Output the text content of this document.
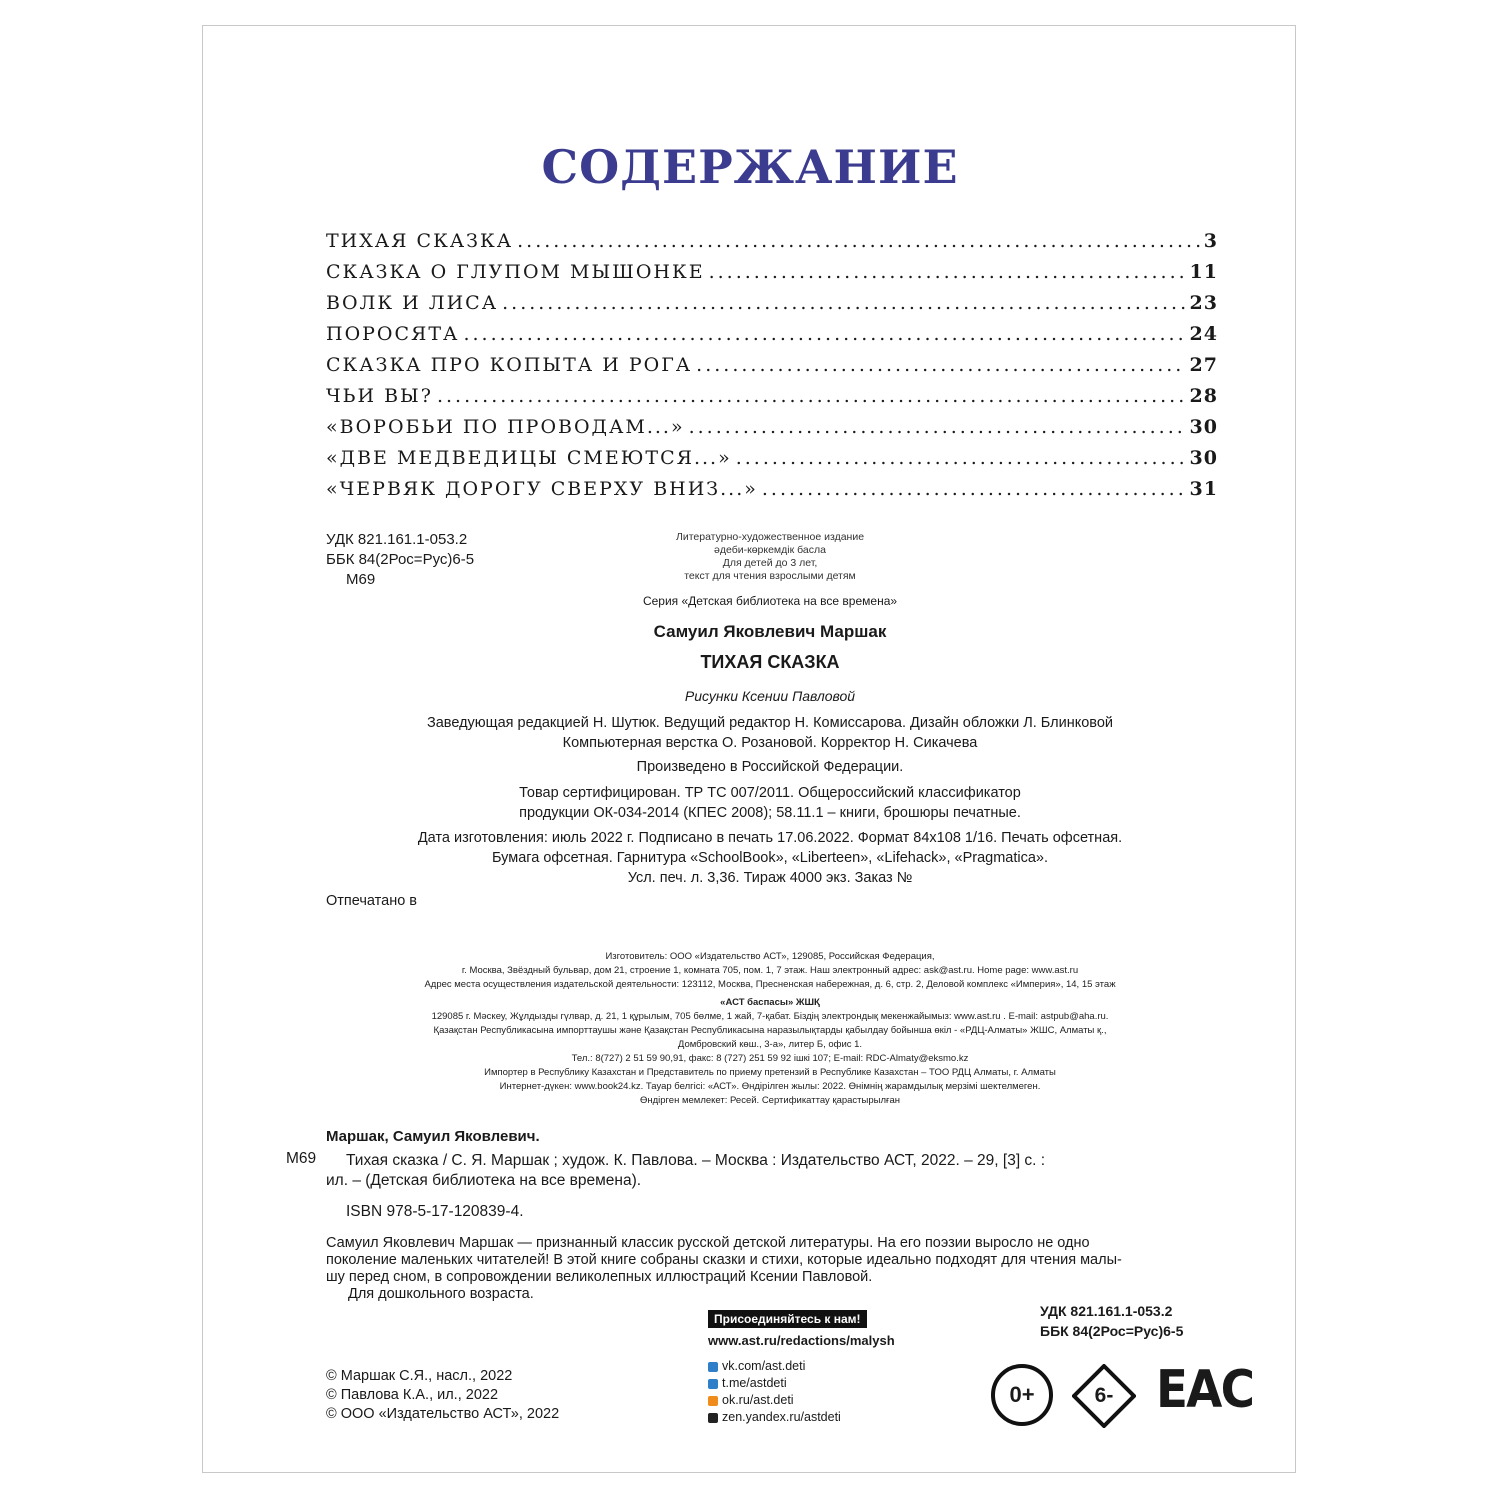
СОДЕРЖАНИЕ
ТИХАЯ СКАЗКА .....	3
СКАЗКА О ГЛУПОМ МЫШОНКЕ .....	11
ВОЛК И ЛИСА .....	23
ПОРОСЯТА .....	24
СКАЗКА ПРО КОПЫТА И РОГА .....	27
ЧЬИ ВЫ? .....	28
«ВОРОБЬИ ПО ПРОВОДАМ...» .....	30
«ДВЕ МЕДВЕДИЦЫ СМЕЮТСЯ...» .....	30
«ЧЕРВЯК ДОРОГУ СВЕРХУ ВНИЗ...» .....	31
УДК 821.161.1-053.2
ББК 84(2Рос=Рус)6-5
М69
Литературно-художественное издание
әдеби-көркемдік басла
Для детей до 3 лет,
текст для чтения взрослыми детям
Серия «Детская библиотека на все времена»
Самуил Яковлевич Маршак
ТИХАЯ СКАЗКА
Рисунки Ксении Павловой
Заведующая редакцией Н. Шутюк. Ведущий редактор Н. Комиссарова. Дизайн обложки Л. Блинковой
Компьютерная верстка О. Розановой. Корректор Н. Сикачева
Произведено в Российской Федерации.
Товар сертифицирован. ТР ТС 007/2011. Общероссийский классификатор
продукции ОК-034-2014 (КПЕС 2008); 58.11.1 – книги, брошюры печатные.
Дата изготовления: июль 2022 г. Подписано в печать 17.06.2022. Формат 84x108 1/16. Печать офсетная.
Бумага офсетная. Гарнитура «SchoolBook», «Liberteen», «Lifehack», «Pragmatica».
Усл. печ. л. 3,36. Тираж 4000 экз. Заказ №
Отпечатано в
Изготовитель: ООО «Издательство АСТ», 129085, Российская Федерация,
г. Москва, Звёздный бульвар, дом 21, строение 1, комната 705, пом. 1, 7 этаж. Наш электронный адрес: ask@ast.ru. Home page: www.ast.ru
Адрес места осуществления издательской деятельности: 123112, Москва, Пресненская набережная, д. 6, стр. 2, Деловой комплекс «Империя», 14, 15 этаж
«АСТ баспасы» ЖШҚ
129085 г. Мәскеу, Жұлдызды гүлвар, д. 21, 1 құрылым, 705 бөлме, 1 жай, 7-қабат. Біздің электрондық мекенжайымыз: www.ast.ru . E-mail: astpub@aha.ru.
Қазақстан Республикасына импорттаушы және Қазақстан Республикасына наразылықтарды қабылдау бойынша өкіл - «РДЦ-Алматы» ЖШС, Алматы қ.,
Домбровский көш., 3-а», литер Б, офис 1.
Тел.: 8(727) 2 51 59 90,91, факс: 8 (727) 251 59 92 ішкі 107; E-mail: RDC-Almaty@eksmo.kz
Импортер в Республику Казахстан и Представитель по приему претензий в Республике Казахстан – ТОО РДЦ Алматы, г. Алматы
Интернет-дүкен: www.book24.kz. Тауар белгісі: «АСТ». Өндірілген жылы: 2022. Өнімнің жарамдылық мерзімі шектелмеген.
Өндірген мемлекет: Ресей. Сертификаттау қарастырылған
Маршак, Самуил Яковлевич.
М69 Тихая сказка / С. Я. Маршак ; худож. К. Павлова. – Москва : Издательство АСТ, 2022. – 29, [3] с. :
ил. – (Детская библиотека на все времена).
ISBN 978-5-17-120839-4.
Самуил Яковлевич Маршак — признанный классик русской детской литературы. На его поэзии выросло не одно
поколение маленьких читателей! В этой книге собраны сказки и стихи, которые идеально подходят для чтения малы-
шу перед сном, в сопровождении великолепных иллюстраций Ксении Павловой.
Для дошкольного возраста.
Присоединяйтесь к нам!
www.ast.ru/redactions/malysh
vk.com/ast.deti
t.me/astdeti
ok.ru/ast.deti
zen.yandex.ru/astdeti
УДК 821.161.1-053.2
ББК 84(2Рос=Рус)6-5
© Маршак С.Я., насл., 2022
© Павлова К.А., ил., 2022
© ООО «Издательство АСТ», 2022
0+	6- EAC
